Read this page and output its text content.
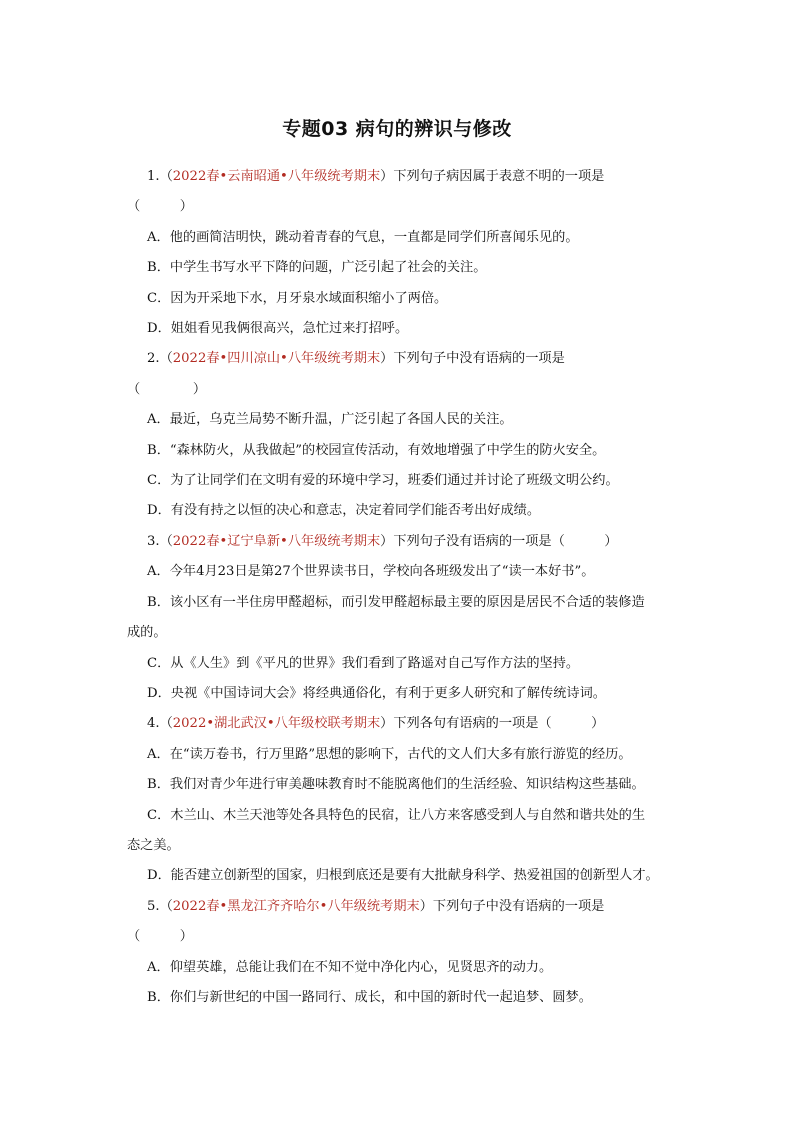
专题03 病句的辨识与修改
1.（2022春•云南昭通•八年级统考期末）下列句子病因属于表意不明的一项是
（　　　）
A．他的画简洁明快，跳动着青春的气息，一直都是同学们所喜闻乐见的。
B．中学生书写水平下降的问题，广泛引起了社会的关注。
C．因为开采地下水，月牙泉水域面积缩小了两倍。
D．姐姐看见我俩很高兴，急忙过来打招呼。
2.（2022春•四川凉山•八年级统考期末）下列句子中没有语病的一项是
（　　　　）
A．最近，乌克兰局势不断升温，广泛引起了各国人民的关注。
B．“森林防火，从我做起”的校园宣传活动，有效地增强了中学生的防火安全。
C．为了让同学们在文明有爱的环境中学习，班委们通过并讨论了班级文明公约。
D．有没有持之以恒的决心和意志，决定着同学们能否考出好成绩。
3.（2022春•辽宁阜新•八年级统考期末）下列句子没有语病的一项是（　　　）
A．今年4月23日是第27个世界读书日，学校向各班级发出了“读一本好书”。
B．该小区有一半住房甲醛超标，而引发甲醛超标最主要的原因是居民不合适的装修造
成的。
C．从《人生》到《平凡的世界》我们看到了路遥对自己写作方法的坚持。
D．央视《中国诗词大会》将经典通俗化，有利于更多人研究和了解传统诗词。
4.（2022•湖北武汉•八年级校联考期末）下列各句有语病的一项是（　　　）
A．在“读万卷书，行万里路”思想的影响下，古代的文人们大多有旅行游览的经历。
B．我们对青少年进行审美趣味教育时不能脱离他们的生活经验、知识结构这些基础。
C．木兰山、木兰天池等处各具特色的民宿，让八方来客感受到人与自然和谐共处的生
态之美。
D．能否建立创新型的国家，归根到底还是要有大批献身科学、热爱祖国的创新型人才。
5.（2022春•黑龙江齐齐哈尔•八年级统考期末）下列句子中没有语病的一项是
（　　　）
A．仰望英雄，总能让我们在不知不觉中净化内心，见贤思齐的动力。
B．你们与新世纪的中国一路同行、成长，和中国的新时代一起追梦、圆梦。
